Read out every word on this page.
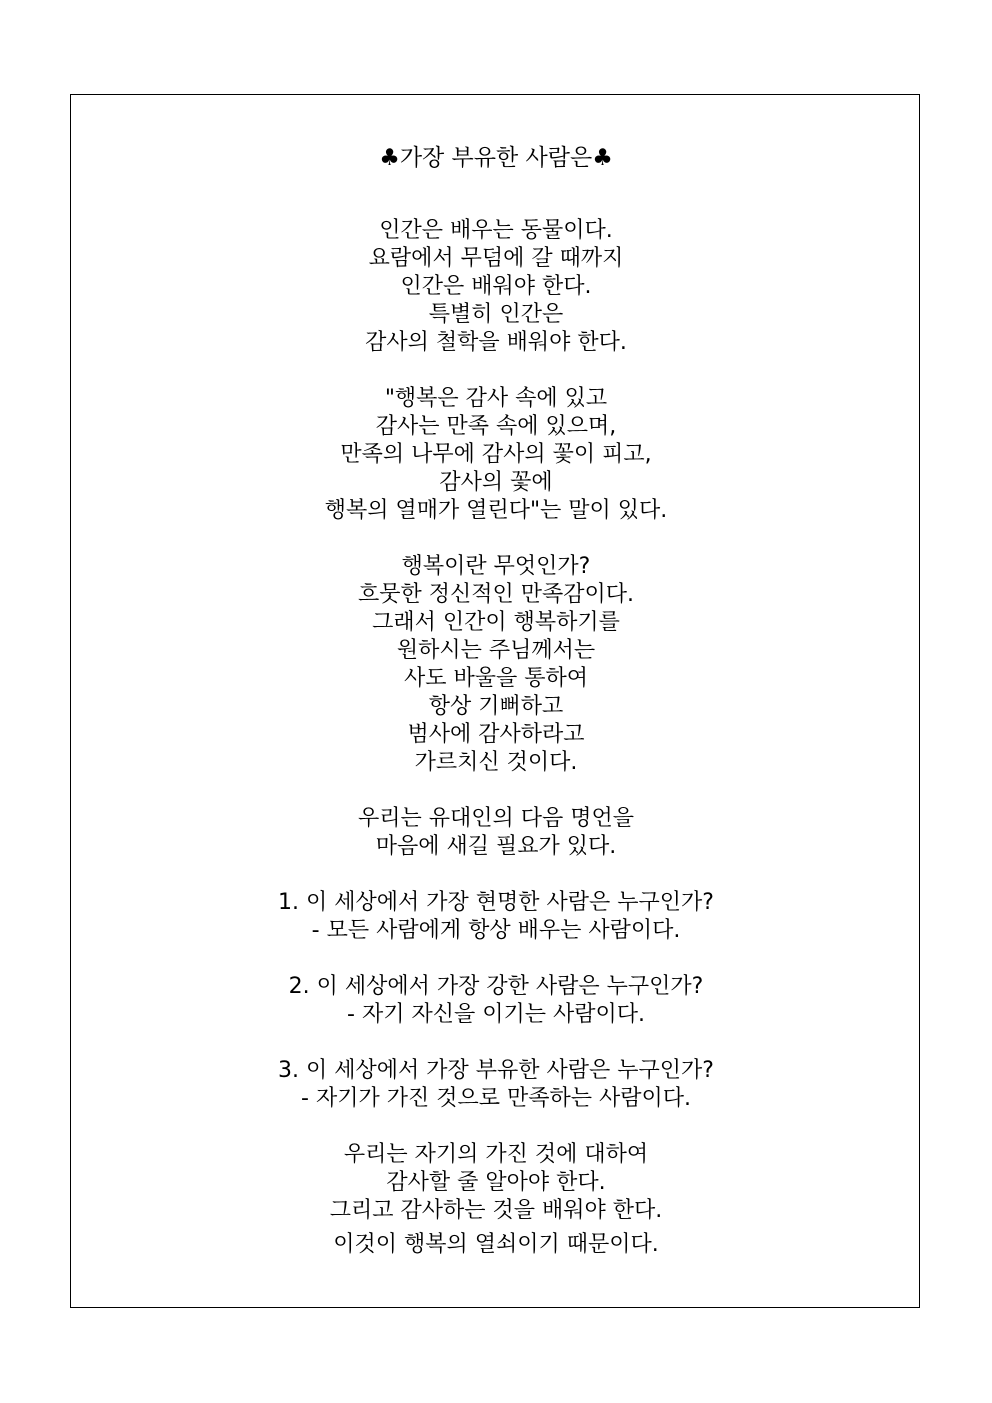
♣가장 부유한 사람은♣
인간은 배우는 동물이다.
요람에서 무덤에 갈 때까지
인간은 배워야 한다.
특별히 인간은
감사의 철학을 배워야 한다.
"행복은 감사 속에 있고
감사는 만족 속에 있으며,
만족의 나무에 감사의 꽃이 피고,
감사의 꽃에
행복의 열매가 열린다"는 말이 있다.
행복이란 무엇인가?
흐뭇한 정신적인 만족감이다.
그래서 인간이 행복하기를
원하시는 주님께서는
사도 바울을 통하여
항상 기뻐하고
범사에 감사하라고
가르치신 것이다.
우리는 유대인의 다음 명언을
마음에 새길 필요가 있다.
1. 이 세상에서 가장 현명한 사람은 누구인가?
- 모든 사람에게 항상 배우는 사람이다.
2. 이 세상에서 가장 강한 사람은 누구인가?
- 자기 자신을 이기는 사람이다.
3. 이 세상에서 가장 부유한 사람은 누구인가?
- 자기가 가진 것으로 만족하는 사람이다.
우리는 자기의 가진 것에 대하여
감사할 줄 알아야 한다.
그리고 감사하는 것을 배워야 한다.
이것이 행복의 열쇠이기 때문이다.
